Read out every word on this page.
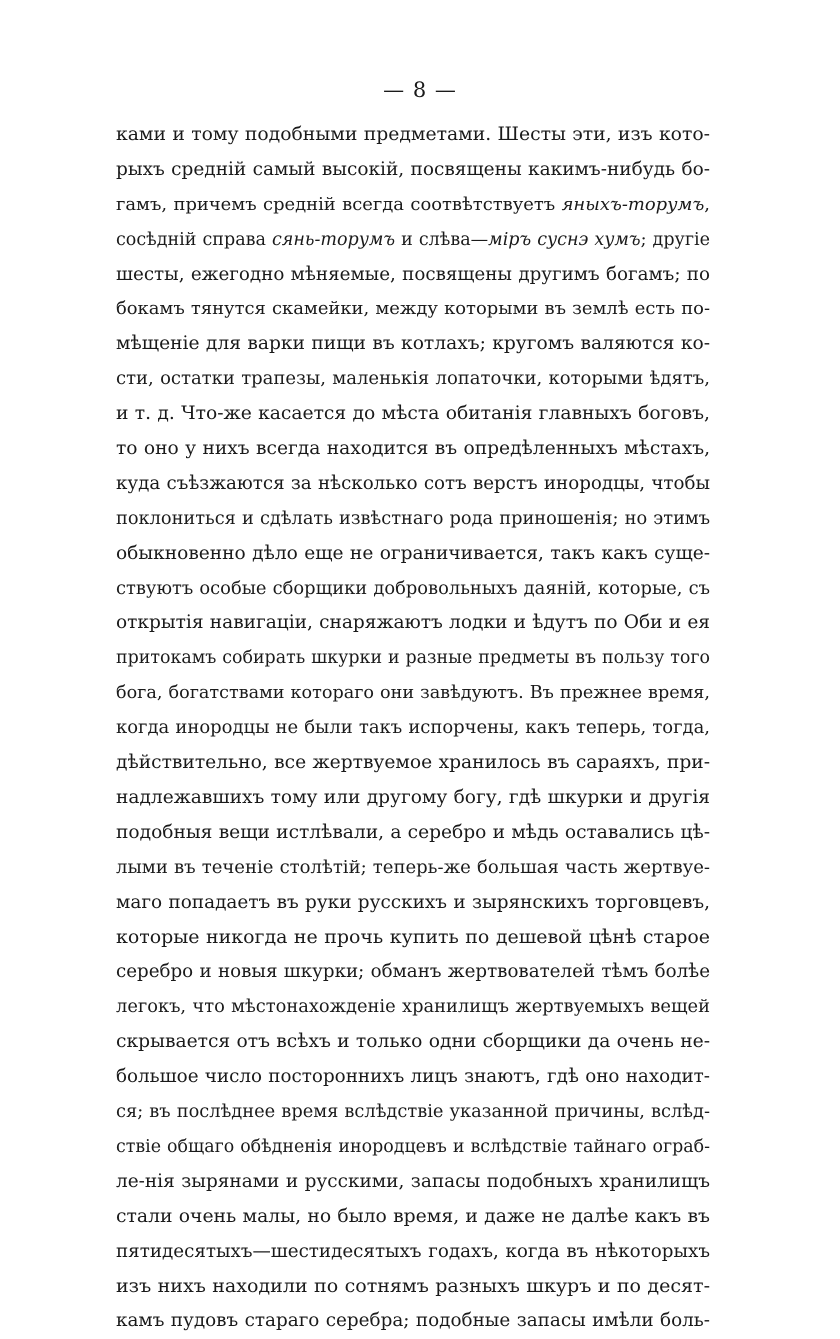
— 8 —
ками и тому подобными предметами. Шесты эти, изъ кото-
рыхъ средній самый высокій, посвящены какимъ-нибудь бо-
гамъ, причемъ средній всегда соотвѣтствуетъ яныхъ-торумъ,
сосѣдній справа сянь-торумъ и слѣва—міръ суснэ хумъ; другіе
шесты, ежегодно мѣняемые, посвящены другимъ богамъ; по
бокамъ тянутся скамейки, между которыми въ землѣ есть по-
мѣщеніе для варки пищи въ котлахъ; кругомъ валяются ко-
сти, остатки трапезы, маленькія лопаточки, которыми ѣдятъ,
и т. д. Что-же касается до мѣста обитанія главныхъ боговъ,
то оно у нихъ всегда находится въ опредѣленныхъ мѣстахъ,
куда съѣзжаются за нѣсколько сотъ верстъ инородцы, чтобы
поклониться и сдѣлать извѣстнаго рода приношенія; но этимъ
обыкновенно дѣло еще не ограничивается, такъ какъ суще-
ствуютъ особые сборщики добровольныхъ даяній, которые, съ
открытія навигаціи, снаряжаютъ лодки и ѣдутъ по Оби и ея
притокамъ собирать шкурки и разные предметы въ пользу того
бога, богатствами котораго они завѣдуютъ. Въ прежнее время,
когда инородцы не были такъ испорчены, какъ теперь, тогда,
дѣйствительно, все жертвуемое хранилось въ сараяхъ, при-
надлежавшихъ тому или другому богу, гдѣ шкурки и другія
подобныя вещи истлѣвали, а серебро и мѣдь оставались цѣ-
лыми въ теченіе столѣтій; теперь-же большая часть жертвуе-
маго попадаетъ въ руки русскихъ и зырянскихъ торговцевъ,
которые никогда не прочь купить по дешевой цѣнѣ старое
серебро и новыя шкурки; обманъ жертвователей тѣмъ болѣе
легокъ, что мѣстонахожденіе хранилищъ жертвуемыхъ вещей
скрывается отъ всѣхъ и только одни сборщики да очень не-
большое число постороннихъ лицъ знаютъ, гдѣ оно находит-
ся; въ послѣднее время вслѣдствіе указанной причины, вслѣд-
ствіе общаго обѣдненія инородцевъ и вслѣдствіе тайнаго ограб-
ле-нія зырянами и русскими, запасы подобныхъ хранилищъ
стали очень малы, но было время, и даже не далѣе какъ въ
пятидесятыхъ—шестидесятыхъ годахъ, когда въ нѣкоторыхъ
изъ нихъ находили по сотнямъ разныхъ шкуръ и по десят-
камъ пудовъ стараго серебра; подобные запасы имѣли боль-
